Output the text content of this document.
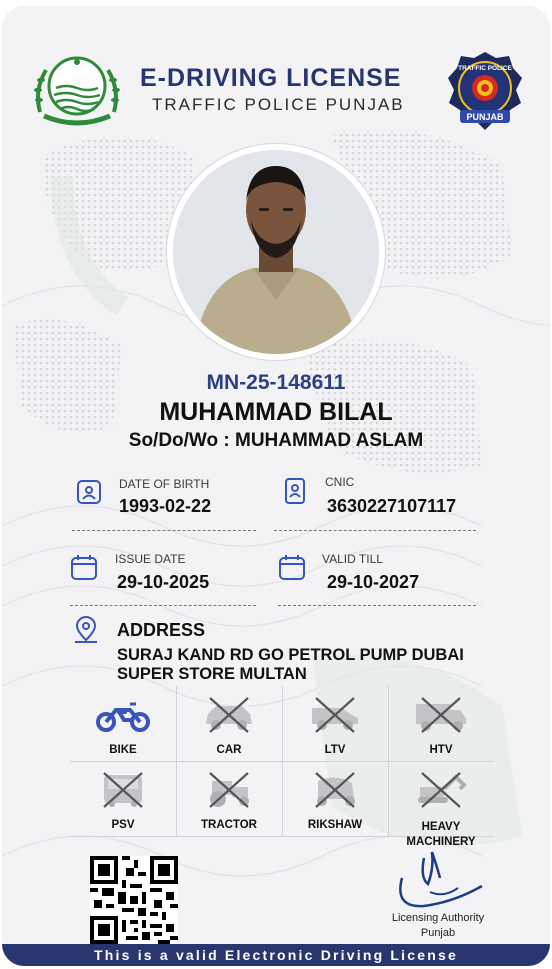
E-DRIVING LICENSE
TRAFFIC POLICE PUNJAB
TRAFFIC POLICE
PUNJAB
MN-25-148611
MUHAMMAD BILAL
So/Do/Wo : MUHAMMAD ASLAM
DATE OF BIRTH
1993-02-22
CNIC
3630227107117
ISSUE DATE
29-10-2025
VALID TILL
29-10-2027
ADDRESS
SURAJ KAND RD GO PETROL PUMP DUBAI
SUPER STORE MULTAN
BIKE	CAR	LTV	HTV
PSV	TRACTOR	RIKSHAW	HEAVY
MACHINERY
Licensing Authority
Punjab
This is a valid Electronic Driving License
